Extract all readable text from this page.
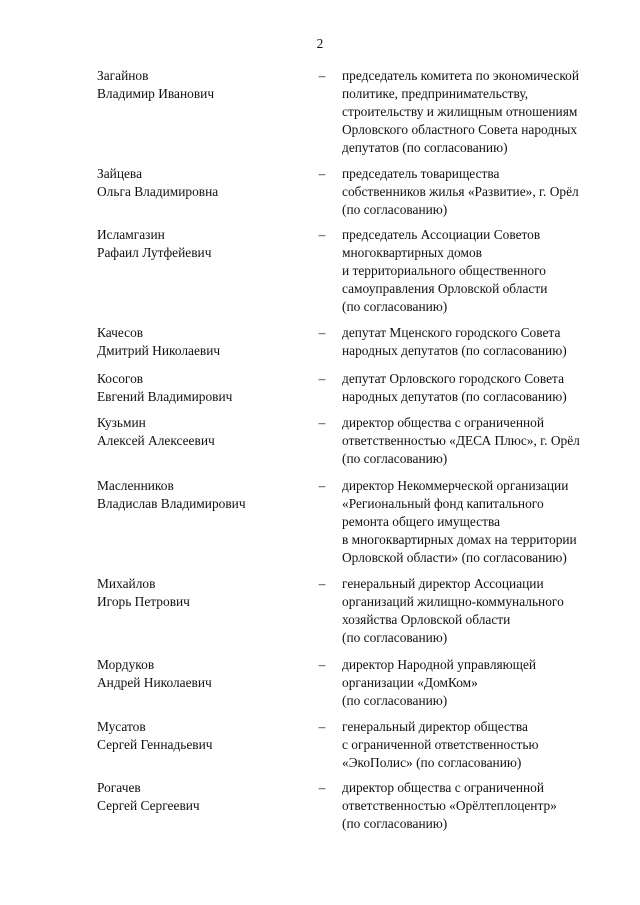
2
Загайнов
Владимир Иванович
– председатель комитета по экономической
политике, предпринимательству,
строительству и жилищным отношениям
Орловского областного Совета народных
депутатов (по согласованию)
Зайцева
Ольга Владимировна
– председатель товарищества
собственников жилья «Развитие», г. Орёл
(по согласованию)
Исламгазин
Рафаил Лутфейевич
– председатель Ассоциации Советов
многоквартирных домов
и территориального общественного
самоуправления Орловской области
(по согласованию)
Качесов
Дмитрий Николаевич
– депутат Мценского городского Совета
народных депутатов (по согласованию)
Косогов
Евгений Владимирович
– депутат Орловского городского Совета
народных депутатов (по согласованию)
Кузьмин
Алексей Алексеевич
– директор общества с ограниченной
ответственностью «ДЕСА Плюс», г. Орёл
(по согласованию)
Масленников
Владислав Владимирович
– директор Некоммерческой организации
«Региональный фонд капитального
ремонта общего имущества
в многоквартирных домах на территории
Орловской области» (по согласованию)
Михайлов
Игорь Петрович
– генеральный директор Ассоциации
организаций жилищно-коммунального
хозяйства Орловской области
(по согласованию)
Мордуков
Андрей Николаевич
– директор Народной управляющей
организации «ДомКом»
(по согласованию)
Мусатов
Сергей Геннадьевич
– генеральный директор общества
с ограниченной ответственностью
«ЭкоПолис» (по согласованию)
Рогачев
Сергей Сергеевич
– директор общества с ограниченной
ответственностью «Орёлтеплоцентр»
(по согласованию)
